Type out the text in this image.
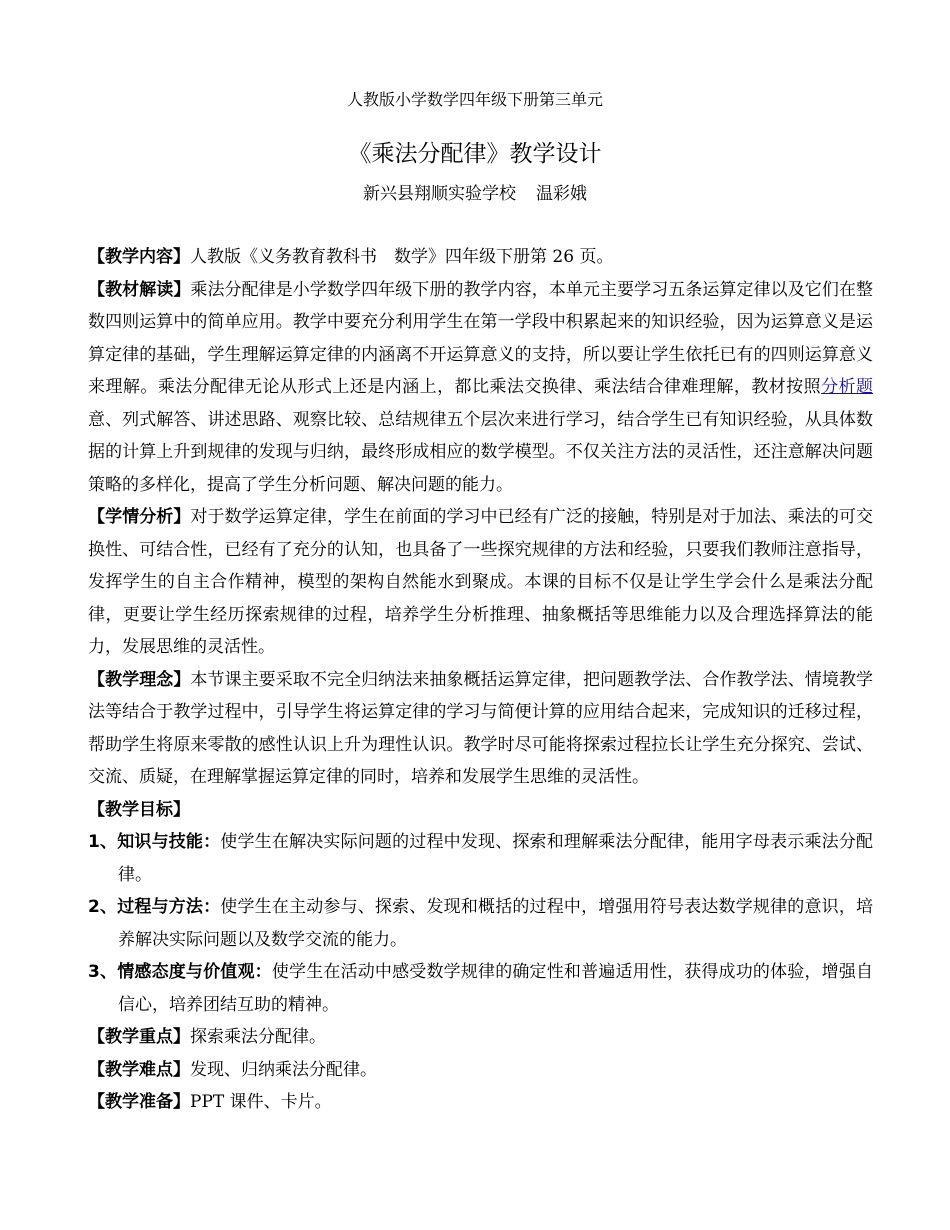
人教版小学数学四年级下册第三单元
《乘法分配律》教学设计
新兴县翔顺实验学校 温彩娥

【教学内容】人教版《义务教育教科书　数学》四年级下册第 26 页。

【教材解读】乘法分配律是小学数学四年级下册的教学内容，本单元主要学习五条运算定律以及它们在整数四则运算中的简单应用。教学中要充分利用学生在第一学段中积累起来的知识经验，因为运算意义是运算定律的基础，学生理解运算定律的内涵离不开运算意义的支持，所以要让学生依托已有的四则运算意义来理解。乘法分配律无论从形式上还是内涵上，都比乘法交换律、乘法结合律难理解，教材按照分析题意、列式解答、讲述思路、观察比较、总结规律五个层次来进行学习，结合学生已有知识经验，从具体数据的计算上升到规律的发现与归纳，最终形成相应的数学模型。不仅关注方法的灵活性，还注意解决问题策略的多样化，提高了学生分析问题、解决问题的能力。

【学情分析】对于数学运算定律，学生在前面的学习中已经有广泛的接触，特别是对于加法、乘法的可交换性、可结合性，已经有了充分的认知，也具备了一些探究规律的方法和经验，只要我们教师注意指导，发挥学生的自主合作精神，模型的架构自然能水到聚成。本课的目标不仅是让学生学会什么是乘法分配律，更要让学生经历探索规律的过程，培养学生分析推理、抽象概括等思维能力以及合理选择算法的能力，发展思维的灵活性。

【教学理念】本节课主要采取不完全归纳法来抽象概括运算定律，把问题教学法、合作教学法、情境教学法等结合于教学过程中，引导学生将运算定律的学习与简便计算的应用结合起来，完成知识的迁移过程，帮助学生将原来零散的感性认识上升为理性认识。教学时尽可能将探索过程拉长让学生充分探究、尝试、交流、质疑，在理解掌握运算定律的同时，培养和发展学生思维的灵活性。

【教学目标】

1、知识与技能：使学生在解决实际问题的过程中发现、探索和理解乘法分配律，能用字母表示乘法分配律。

2、过程与方法：使学生在主动参与、探索、发现和概括的过程中，增强用符号表达数学规律的意识，培养解决实际问题以及数学交流的能力。

3、情感态度与价值观：使学生在活动中感受数学规律的确定性和普遍适用性，获得成功的体验，增强自信心，培养团结互助的精神。

【教学重点】探索乘法分配律。

【教学难点】发现、归纳乘法分配律。

【教学准备】PPT 课件、卡片。
